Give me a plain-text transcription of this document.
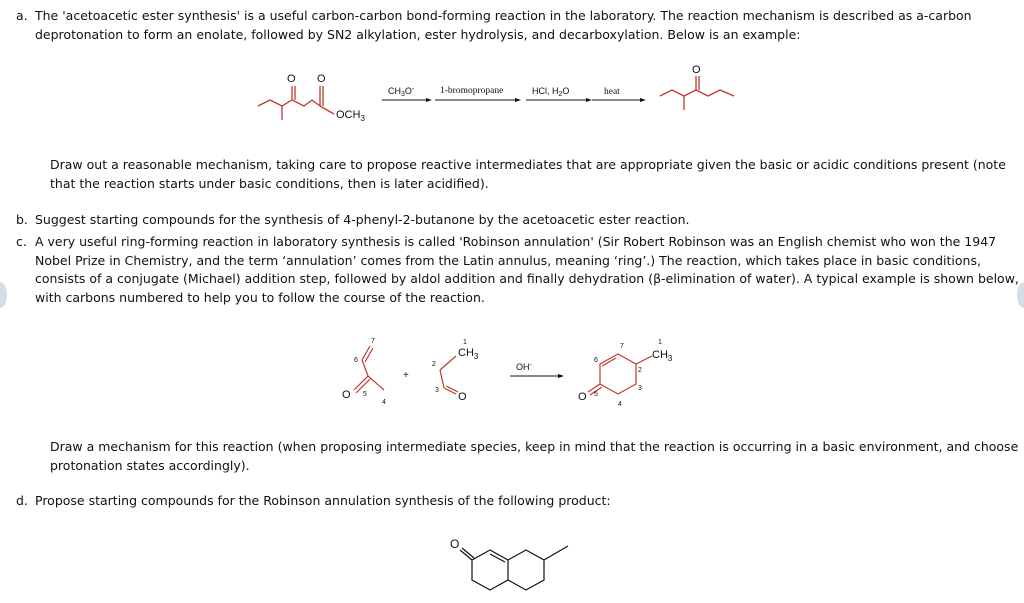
a. The 'acetoacetic ester synthesis' is a useful carbon-carbon bond-forming reaction in the laboratory. The reaction mechanism is described as a-carbon
deprotonation to form an enolate, followed by SN2 alkylation, ester hydrolysis, and decarboxylation. Below is an example:
O O
$OCH_3$
$CH_3O^-$	1-bromopropane	HCl, $H_2O$	heat
O
Draw out a reasonable mechanism, taking care to propose reactive intermediates that are appropriate given the basic or acidic conditions present (note
that the reaction starts under basic conditions, then is later acidified).
b. Suggest starting compounds for the synthesis of 4-phenyl-2-butanone by the acetoacetic ester reaction.
c. A very useful ring-forming reaction in laboratory synthesis is called 'Robinson annulation' (Sir Robert Robinson was an English chemist who won the 1947
Nobel Prize in Chemistry, and the term ‘annulation’ comes from the Latin annulus, meaning ‘ring’.) The reaction, which takes place in basic conditions,
consists of a conjugate (Michael) addition step, followed by aldol addition and finally dehydration (β-elimination of water). A typical example is shown below,
with carbons numbered to help you to follow the course of the reaction.
7
6
5
4
O
+
2
1
3
$CH_3$
O
OH-
7
6
1
2
3
5
4
$CH_3$
O
Draw a mechanism for this reaction (when proposing intermediate species, keep in mind that the reaction is occurring in a basic environment, and choose
protonation states accordingly).
d. Propose starting compounds for the Robinson annulation synthesis of the following product:
O
